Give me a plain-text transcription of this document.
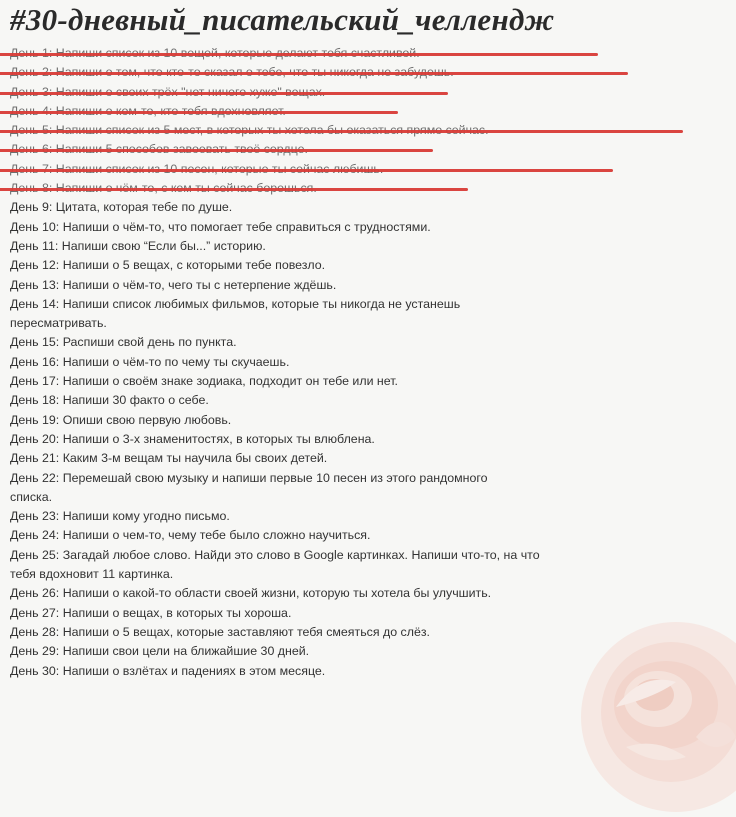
#30-дневный_писательский_челлендж
День 9: Цитата, которая тебе по душе.
День 10: Напиши о чём-то, что помогает тебе справиться с трудностями.
День 11: Напиши свою “Если бы...” историю.
День 12: Напиши о 5 вещах, с которыми тебе повезло.
День 13: Напиши о чём-то, чего ты с нетерпение ждёшь.
День 14: Напиши список любимых фильмов, которые ты никогда не устанешь
пересматривать.
День 15: Распиши свой день по пункта.
День 16: Напиши о чём-то по чему ты скучаешь.
День 17: Напиши о своём знаке зодиака, подходит он тебе или нет.
День 18: Напиши 30 факто о себе.
День 19: Опиши свою первую любовь.
День 20: Напиши о 3-х знаменитостях, в которых ты влюблена.
День 21: Каким 3-м вещам ты научила бы своих детей.
День 22: Перемешай свою музыку и напиши первые 10 песен из этого рандомного
списка.
День 23: Напиши кому угодно письмо.
День 24: Напиши о чем-то, чему тебе было сложно научиться.
День 25: Загадай любое слово. Найди это слово в Google картинках. Напиши что-то, на что
тебя вдохновит 11 картинка.
День 26: Напиши о какой-то области своей жизни, которую ты хотела бы улучшить.
День 27: Напиши о вещах, в которых ты хороша.
День 28: Напиши о 5 вещах, которые заставляют тебя смеяться до слёз.
День 29: Напиши свои цели на ближайшие 30 дней.
День 30: Напиши о взлётах и падениях в этом месяце.
